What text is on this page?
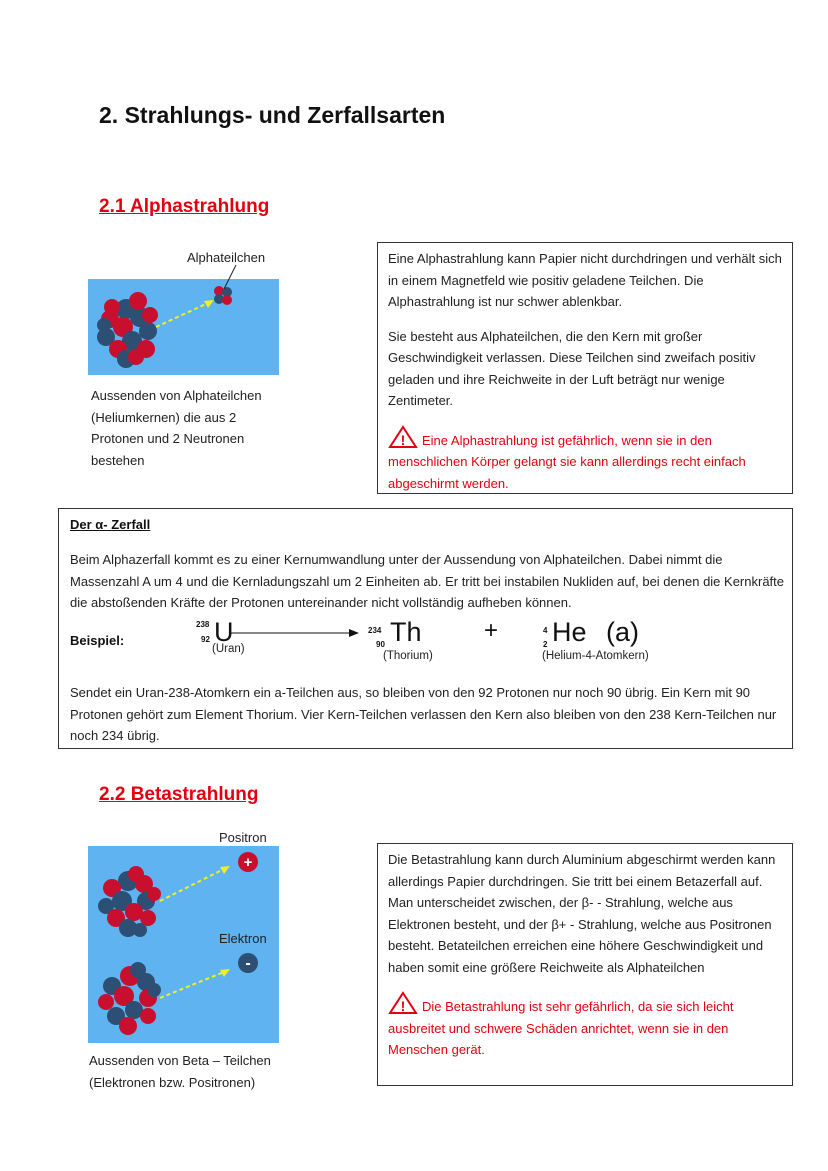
2. Strahlungs- und Zerfallsarten
2.1 Alphastrahlung
Alphateilchen
Aussenden von Alphateilchen
(Heliumkernen) die aus 2
Protonen und 2 Neutronen
bestehen

Eine Alphastrahlung kann Papier nicht durchdringen und verhält sich in einem Magnetfeld wie positiv geladene Teilchen. Die Alphastrahlung ist nur schwer ablenkbar.

Sie besteht aus Alphateilchen, die den Kern mit großer Geschwindigkeit verlassen. Diese Teilchen sind zweifach positiv geladen und ihre Reichweite in der Luft beträgt nur wenige Zentimeter.

! Eine Alphastrahlung ist gefährlich, wenn sie in den menschlichen Körper gelangt sie kann allerdings recht einfach abgeschirmt werden.

Der α- Zerfall
Beim Alphazerfall kommt es zu einer Kernumwandlung unter der Aussendung von Alphateilchen. Dabei nimmt die Massenzahl A um 4 und die Kernladungszahl um 2 Einheiten ab. Er tritt bei instabilen Nukliden auf, bei denen die Kernkräfte die abstoßenden Kräfte der Protonen untereinander nicht vollständig aufheben können.
Beispiel:
238
92 U
(Uran)
234
90 Th
(Thorium)
+	4
2 He (a)
(Helium-4-Atomkern)
Sendet ein Uran-238-Atomkern ein a-Teilchen aus, so bleiben von den 92 Protonen nur noch 90 übrig. Ein Kern mit 90 Protonen gehört zum Element Thorium. Vier Kern-Teilchen verlassen den Kern also bleiben von den 238 Kern-Teilchen nur noch 234 übrig.
2.2 Betastrahlung
Positron
+
-
Elektron
Aussenden von Beta – Teilchen
(Elektronen bzw. Positronen)

Die Betastrahlung kann durch Aluminium abgeschirmt werden kann allerdings Papier durchdringen. Sie tritt bei einem Betazerfall auf. Man unterscheidet zwischen, der β- - Strahlung, welche aus Elektronen besteht, und der β+ - Strahlung, welche aus Positronen besteht. Betateilchen erreichen eine höhere Geschwindigkeit und haben somit eine größere Reichweite als Alphateilchen

! Die Betastrahlung ist sehr gefährlich, da sie sich leicht ausbreitet und schwere Schäden anrichtet, wenn sie in den Menschen gerät.
